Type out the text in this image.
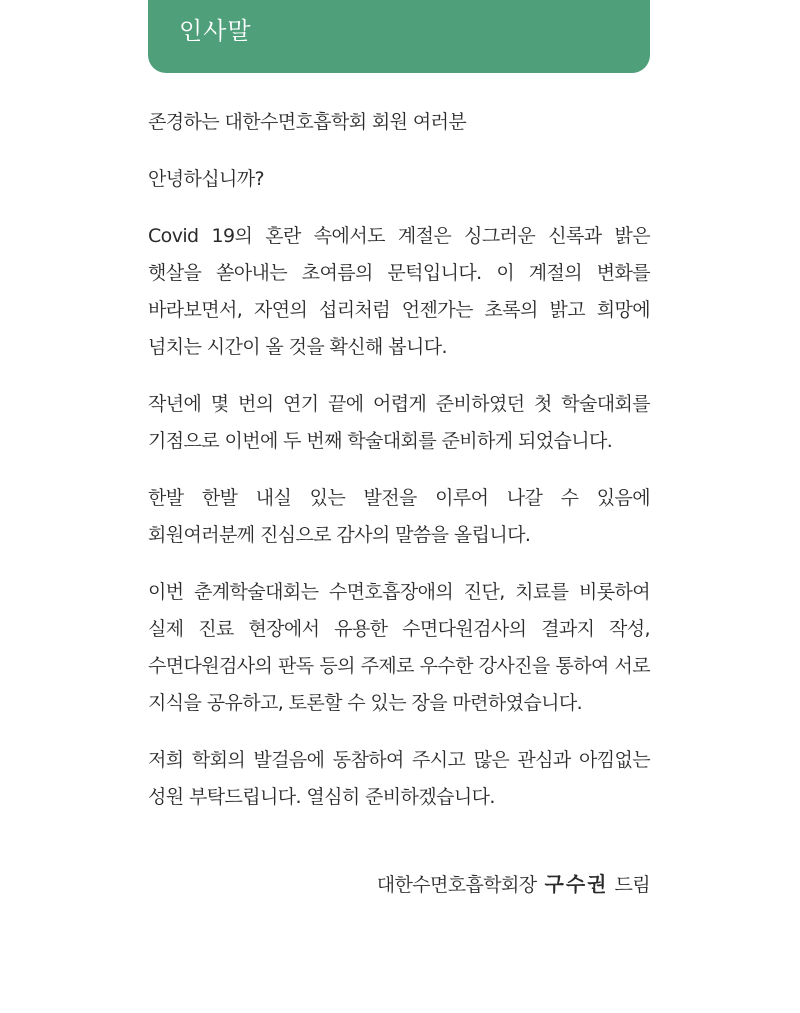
인사말

존경하는 대한수면호흡학회 회원 여러분

안녕하십니까?

Covid 19의 혼란 속에서도 계절은 싱그러운 신록과 밝은 햇살을 쏟아내는 초여름의 문턱입니다. 이 계절의 변화를 바라보면서, 자연의 섭리처럼 언젠가는 초록의 밝고 희망에 넘치는 시간이 올 것을 확신해 봅니다.

작년에 몇 번의 연기 끝에 어렵게 준비하였던 첫 학술대회를 기점으로 이번에 두 번째 학술대회를 준비하게 되었습니다.

한발 한발 내실 있는 발전을 이루어 나갈 수 있음에 회원여러분께 진심으로 감사의 말씀을 올립니다.

이번 춘계학술대회는 수면호흡장애의 진단, 치료를 비롯하여 실제 진료 현장에서 유용한 수면다원검사의 결과지 작성, 수면다원검사의 판독 등의 주제로 우수한 강사진을 통하여 서로 지식을 공유하고, 토론할 수 있는 장을 마련하였습니다.

저희 학회의 발걸음에 동참하여 주시고 많은 관심과 아낌없는 성원 부탁드립니다. 열심히 준비하겠습니다.

대한수면호흡학회장 구수권 드림
